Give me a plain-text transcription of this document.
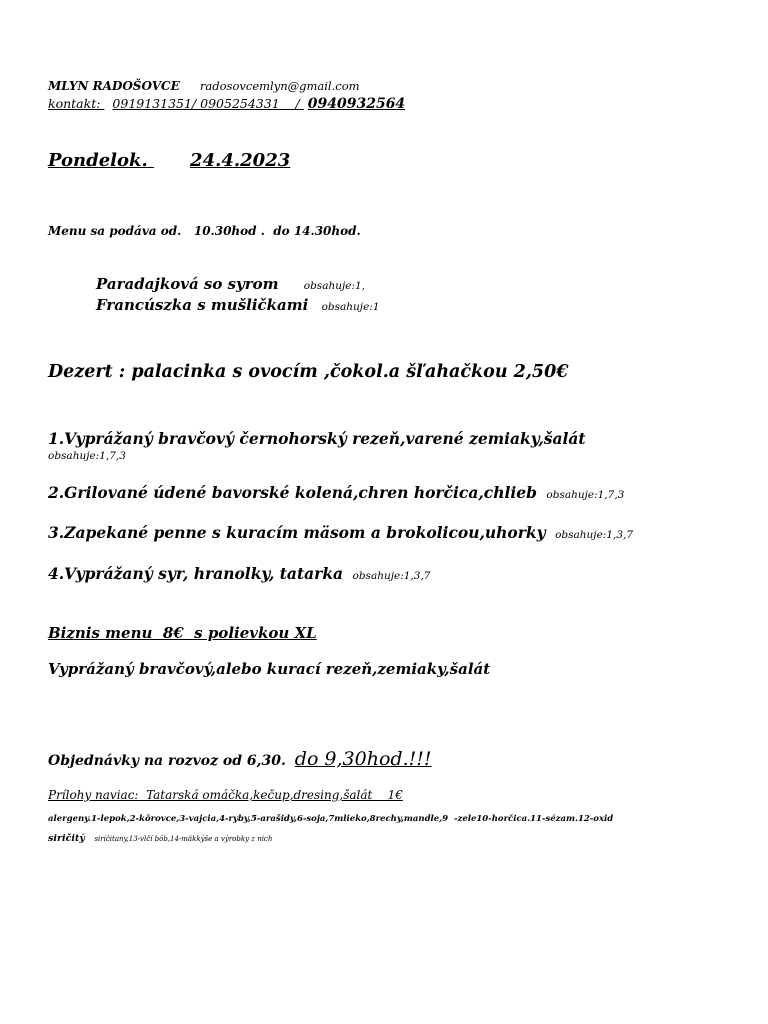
MLYN RADOŠOVCE radosovcemlyn@gmail.com
kontakt: 0919131351/ 0905254331    / 0940932564
Pondelok. 24.4.2023
Menu sa podáva od.   10.30hod .  do 14.30hod.
Paradajková so syrom obsahuje:1,
Francúszka s mušličkami obsahuje:1
Dezert : palacinka s ovocím ,čokol.a šľahačkou 2,50€
1.Vyprážaný bravčový černohorský rezeň,varené zemiaky,šalát
obsahuje:1,7,3
2.Grilované údené bavorské kolená,chren horčica,chlieb obsahuje:1,7,3
3.Zapekané penne s kuracím mäsom a brokolicou,uhorky obsahuje:1,3,7
4.Vyprážaný syr, hranolky, tatarka obsahuje:1,3,7
Biznis menu  8€  s polievkou XL
Vyprážaný bravčový,alebo kurací rezeň,zemiaky,šalát
Objednávky na rozvoz od 6,30. do 9,30hod.!!!
Prílohy naviac:  Tatarská omáčka,kečup,dresing,šalát    1€
alergeny.1-lepok,2-kôrovce,3-vajcia,4-ryby,5-arašidy,6-soja,7mlieko,8rechy,mandle,9  -zele10-horčica.11-sézam.12-oxid
siričitý siričitany,13-vlčí bôb,14-mäkkýše a výrobky z nich
